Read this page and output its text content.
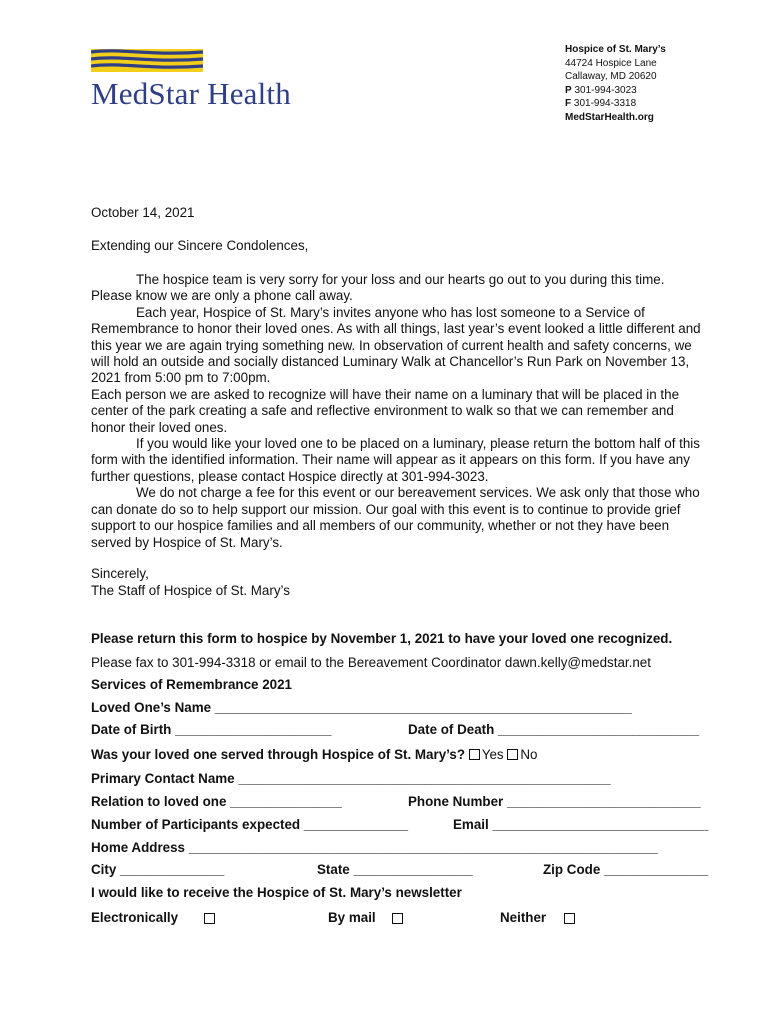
MedStar Health
Hospice of St. Mary’s
44724 Hospice Lane
Callaway, MD 20620
P 301-994-3023
F 301-994-3318
MedStarHealth.org
October 14, 2021
Extending our Sincere Condolences,
The hospice team is very sorry for your loss and our hearts go out to you during this time.
Please know we are only a phone call away.
Each year, Hospice of St. Mary’s invites anyone who has lost someone to a Service of
Remembrance to honor their loved ones. As with all things, last year’s event looked a little different and
this year we are again trying something new. In observation of current health and safety concerns, we
will hold an outside and socially distanced Luminary Walk at Chancellor’s Run Park on November 13,
2021 from 5:00 pm to 7:00pm.
Each person we are asked to recognize will have their name on a luminary that will be placed in the
center of the park creating a safe and reflective environment to walk so that we can remember and
honor their loved ones.
If you would like your loved one to be placed on a luminary, please return the bottom half of this
form with the identified information. Their name will appear as it appears on this form. If you have any
further questions, please contact Hospice directly at 301-994-3023.
We do not charge a fee for this event or our bereavement services. We ask only that those who
can donate do so to help support our mission. Our goal with this event is to continue to provide grief
support to our hospice families and all members of our community, whether or not they have been
served by Hospice of St. Mary’s.
Sincerely,
The Staff of Hospice of St. Mary’s
Please return this form to hospice by November 1, 2021 to have your loved one recognized.
Please fax to 301-994-3318 or email to the Bereavement Coordinator dawn.kelly@medstar.net
Services of Remembrance 2021
Loved One’s Name ________________________________________________________
Date of Birth _____________________	Date of Death ___________________________
Was your loved one served through Hospice of St. Mary’s? Yes No
Primary Contact Name __________________________________________________
Relation to loved one _______________	Phone Number __________________________
Number of Participants expected ______________	Email _____________________________
Home Address _______________________________________________________________
City ______________	State ________________	Zip Code ______________
I would like to receive the Hospice of St. Mary’s newsletter
Electronically	By mail	Neither
